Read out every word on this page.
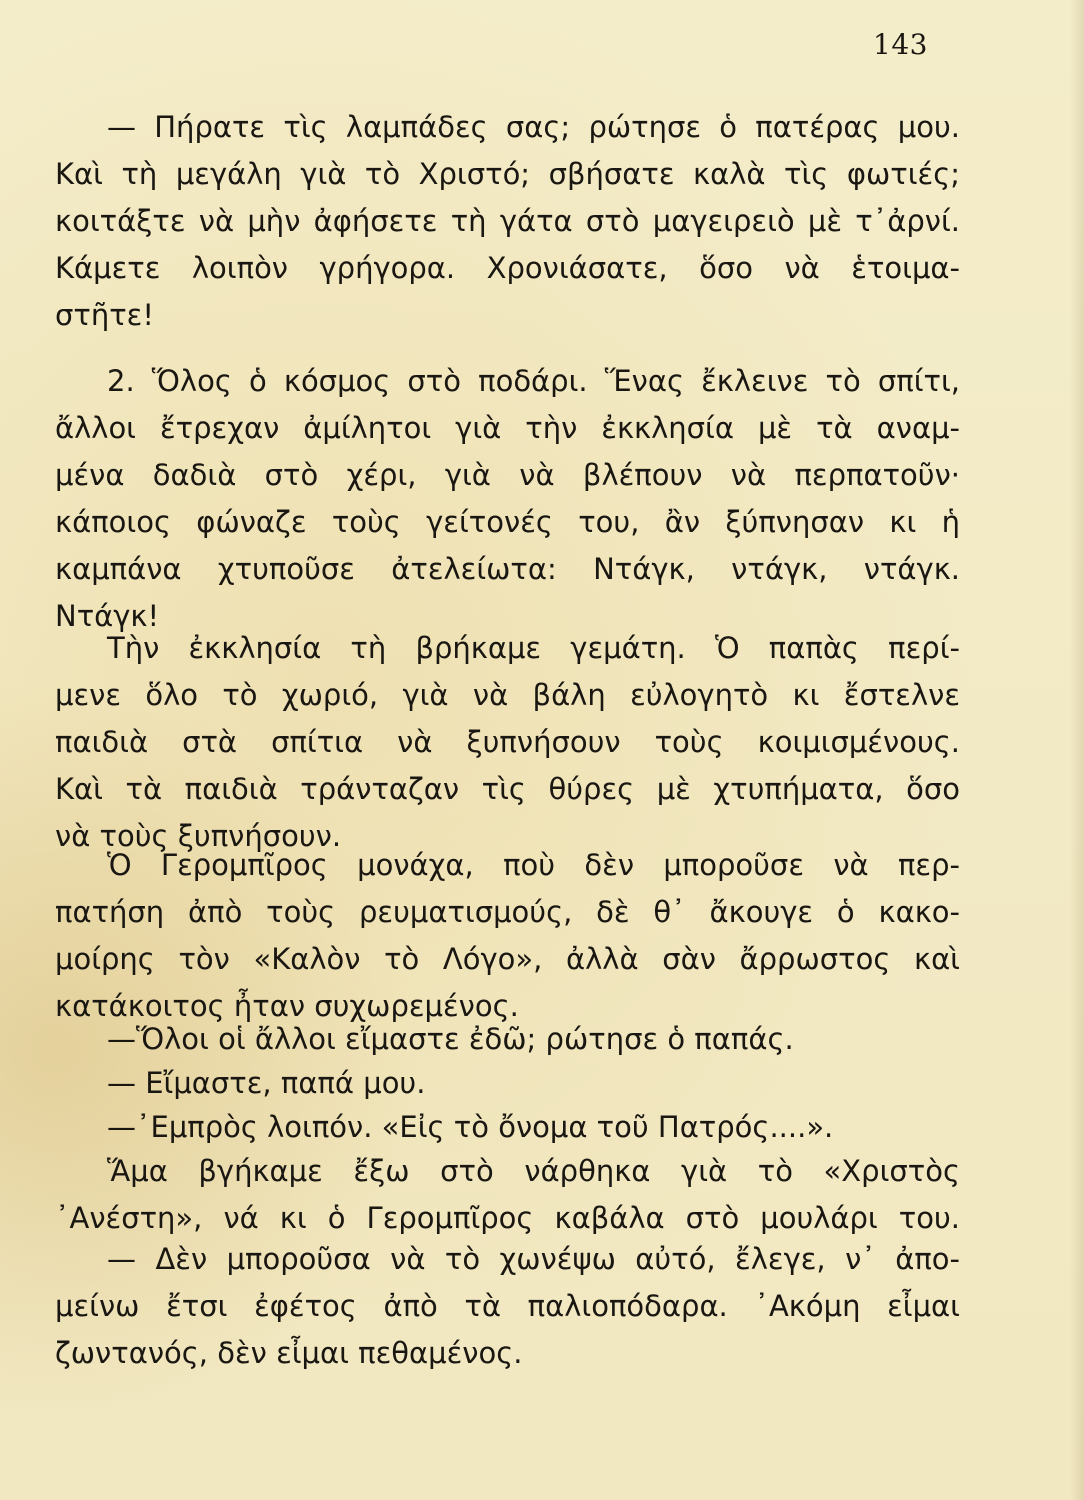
143
— Πήρατε τὶς λαμπάδες σας; ρώτησε ὁ πατέρας μου.
Καὶ τὴ μεγάλη γιὰ τὸ Χριστό; σβήσατε καλὰ τὶς φωτιές;
κοιτάξτε νὰ μὴν ἀφήσετε τὴ γάτα στὸ μαγειρειὸ μὲ τ᾽ἀρνί.
Κάμετε λοιπὸν γρήγορα. Χρονιάσατε, ὅσο νὰ ἑτοιμα-
στῆτε!
2. Ὅλος ὁ κόσμος στὸ ποδάρι. Ἕνας ἔκλεινε τὸ σπίτι,
ἄλλοι ἔτρεχαν ἀμίλητοι γιὰ τὴν ἐκκλησία μὲ τὰ αναμ-
μένα δαδιὰ στὸ χέρι, γιὰ νὰ βλέπουν νὰ περπατοῦν·
κάποιος φώναζε τοὺς γείτονές του, ἂν ξύπνησαν κι ἡ
καμπάνα χτυποῦσε ἀτελείωτα: Ντάγκ, ντάγκ, ντάγκ.
Ντάγκ!
Τὴν ἐκκλησία τὴ βρήκαμε γεμάτη. Ὁ παπὰς περί-
μενε ὅλο τὸ χωριό, γιὰ νὰ βάλη εὐλογητὸ κι ἔστελνε
παιδιὰ στὰ σπίτια νὰ ξυπνήσουν τοὺς κοιμισμένους.
Καὶ τὰ παιδιὰ τράνταζαν τὶς θύρες μὲ χτυπήματα, ὅσο
νὰ τοὺς ξυπνήσουν.
Ὁ Γερομπῖρος μονάχα, ποὺ δὲν μποροῦσε νὰ περ-
πατήση ἀπὸ τοὺς ρευματισμούς, δὲ θ᾽ ἄκουγε ὁ κακο-
μοίρης τὸν «Καλὸν τὸ Λόγο», ἀλλὰ σὰν ἄρρωστος καὶ
κατάκοιτος ἦταν συχωρεμένος.
—Ὅλοι οἱ ἄλλοι εἴμαστε ἐδῶ; ρώτησε ὁ παπάς.
— Εἴμαστε, παπά μου.
—᾽Εμπρὸς λοιπόν. «Εἰς τὸ ὄνομα τοῦ Πατρός....».
Ἅμα βγήκαμε ἔξω στὸ νάρθηκα γιὰ τὸ «Χριστὸς
᾽Ανέστη», νά κι ὁ Γερομπῖρος καβάλα στὸ μουλάρι του.
— Δὲν μποροῦσα νὰ τὸ χωνέψω αὐτό, ἔλεγε, ν᾽ ἀπο-
μείνω ἔτσι ἐφέτος ἀπὸ τὰ παλιοπόδαρα. ᾽Ακόμη εἶμαι
ζωντανός, δὲν εἶμαι πεθαμένος.
